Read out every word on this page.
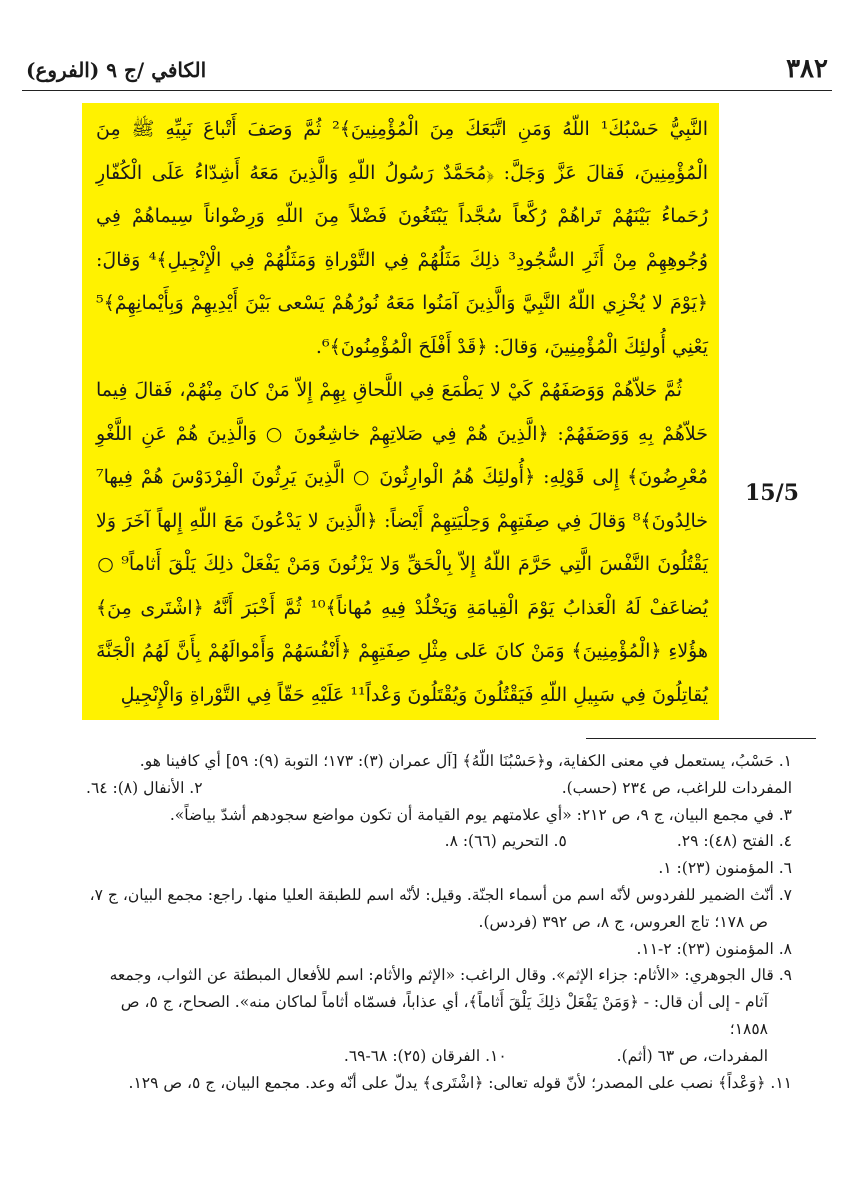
٣٨٢
الكافي /ج ٩ (الفروع)

النَّبِيُّ حَسْبُكَ¹ اللّهُ وَمَنِ اتَّبَعَكَ مِنَ الْمُؤْمِنِينَ﴾² ثُمَّ وَصَفَ أَتْباعَ نَبِيِّهِ ﷺ مِنَ الْمُؤْمِنِينَ، فَقالَ عَزَّ وَجَلَّ: ﴿مُحَمَّدٌ رَسُولُ اللّهِ وَالَّذِينَ مَعَهُ أَشِدّاءُ عَلَى الْكُفّارِ رُحَماءُ بَيْنَهُمْ تَراهُمْ رُكَّعاً سُجَّداً يَبْتَغُونَ فَضْلاً مِنَ اللّهِ وَرِضْواناً سِيماهُمْ فِي وُجُوهِهِمْ مِنْ أَثَرِ السُّجُودِ³ ذلِكَ مَثَلُهُمْ فِي التَّوْراةِ وَمَثَلُهُمْ فِي الْإِنْجِيلِ﴾⁴ وَقالَ: ﴿يَوْمَ لا يُخْزِي اللّهُ النَّبِيَّ وَالَّذِينَ آمَنُوا مَعَهُ نُورُهُمْ يَسْعى بَيْنَ أَيْدِيهِمْ وَبِأَيْمانِهِمْ﴾⁵ يَعْنِي أُولئِكَ الْمُؤْمِنِينَ، وَقالَ: ﴿قَدْ أَفْلَحَ الْمُؤْمِنُونَ﴾⁶.

ثُمَّ حَلاّهُمْ وَوَصَفَهُمْ كَيْ لا يَطْمَعَ فِي اللَّحاقِ بِهِمْ إِلاّ مَنْ كانَ مِنْهُمْ، فَقالَ فِيما حَلاّهُمْ بِهِ وَوَصَفَهُمْ: ﴿الَّذِينَ هُمْ فِي صَلاتِهِمْ خاشِعُونَ ○ وَالَّذِينَ هُمْ عَنِ اللَّغْوِ مُعْرِضُونَ﴾ إِلى قَوْلِهِ: ﴿أُولئِكَ هُمُ الْوارِثُونَ ○ الَّذِينَ يَرِثُونَ الْفِرْدَوْسَ هُمْ فِيها⁷ خالِدُونَ﴾⁸ وَقالَ فِي صِفَتِهِمْ وَحِلْيَتِهِمْ أَيْضاً: ﴿الَّذِينَ لا يَدْعُونَ مَعَ اللّهِ إِلهاً آخَرَ وَلا يَقْتُلُونَ النَّفْسَ الَّتِي حَرَّمَ اللّهُ إِلاّ بِالْحَقِّ وَلا يَزْنُونَ وَمَنْ يَفْعَلْ ذلِكَ يَلْقَ أَثاماً⁹ ○ يُضاعَفْ لَهُ الْعَذابُ يَوْمَ الْقِيامَةِ وَيَخْلُدْ فِيهِ مُهاناً﴾¹⁰ ثُمَّ أَخْبَرَ أَنَّهُ ﴿اشْتَرى مِنَ﴾ هؤُلاءِ ﴿الْمُؤْمِنِينَ﴾ وَمَنْ كانَ عَلى مِثْلِ صِفَتِهِمْ ﴿أَنْفُسَهُمْ وَأَمْوالَهُمْ بِأَنَّ لَهُمُ الْجَنَّةَ يُقاتِلُونَ فِي سَبِيلِ اللّهِ فَيَقْتُلُونَ وَيُقْتَلُونَ وَعْداً¹¹ عَلَيْهِ حَقّاً فِي التَّوْراةِ وَالْإِنْجِيلِ

15/5
١. حَسْبُ، يستعمل في معنى الكفاية، و﴿حَسْبُنَا اللّهُ﴾ [آل عمران (٣): ١٧٣؛ التوبة (٩): ٥٩] أي كافينا هو.
المفردات للراغب، ص ٢٣٤ (حسب).
٢. الأنفال (٨): ٦٤.
٣. في مجمع البيان، ج ٩، ص ٢١٢: «أي علامتهم يوم القيامة أن تكون مواضع سجودهم أشدّ بياضاً».
٤. الفتح (٤٨): ٢٩.
٥. التحريم (٦٦): ٨.
٦. المؤمنون (٢٣): ١.
٧. أنّث الضمير للفردوس لأنّه اسم من أسماء الجنّة. وقيل: لأنّه اسم للطبقة العليا منها. راجع: مجمع البيان، ج ٧، ص ١٧٨؛ تاج العروس، ج ٨، ص ٣٩٢ (فردس).
٨. المؤمنون (٢٣): ٢-١١.
٩. قال الجوهري: «الأثام: جزاء الإثم». وقال الراغب: «الإثم والأثام: اسم للأفعال المبطئة عن الثواب، وجمعه آثام - إلى أن قال: - ﴿وَمَنْ يَفْعَلْ ذلِكَ يَلْقَ أَثاماً﴾، أي عذاباً، فسمّاه أثاماً لماكان منه». الصحاح، ج ٥، ص ١٨٥٨؛
المفردات، ص ٦٣ (أثم).
١٠. الفرقان (٢٥): ٦٨-٦٩.
١١. ﴿وَعْداً﴾ نصب على المصدر؛ لأنّ قوله تعالى: ﴿اشْتَرى﴾ يدلّ على أنّه وعد. مجمع البيان، ج ٥، ص ١٢٩.
